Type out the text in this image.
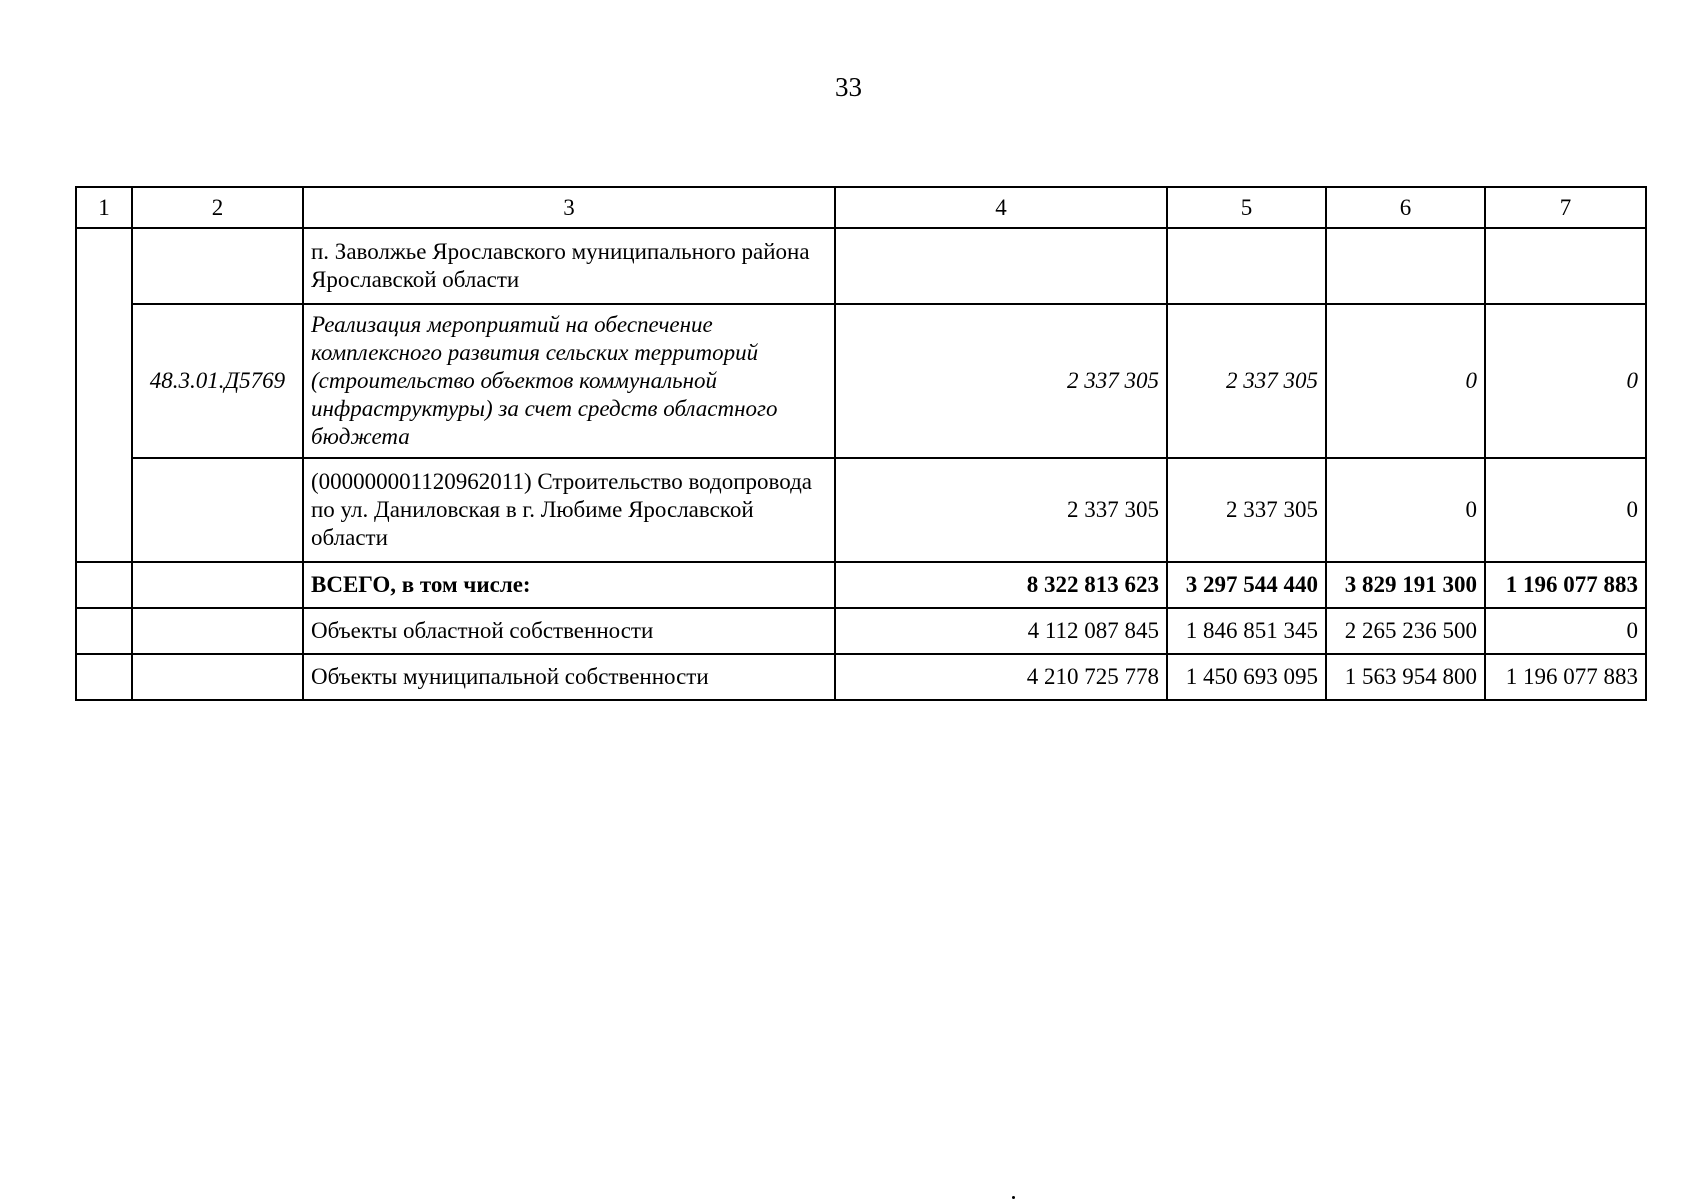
33
1	2	3	4	5	6	7
		п. Заволжье Ярославского муниципального района Ярославской области				
	48.3.01.Д5769	Реализация мероприятий на обеспечение комплексного развития сельских территорий (строительство объектов коммунальной инфраструктуры) за счет средств областного бюджета	2 337 305	2 337 305	0	0
		(000000001120962011) Строительство водопровода по ул. Даниловская в г. Любиме Ярославской области	2 337 305	2 337 305	0	0
		ВСЕГО, в том числе:	8 322 813 623	3 297 544 440	3 829 191 300	1 196 077 883
		Объекты областной собственности	4 112 087 845	1 846 851 345	2 265 236 500	0
		Объекты муниципальной собственности	4 210 725 778	1 450 693 095	1 563 954 800	1 196 077 883
